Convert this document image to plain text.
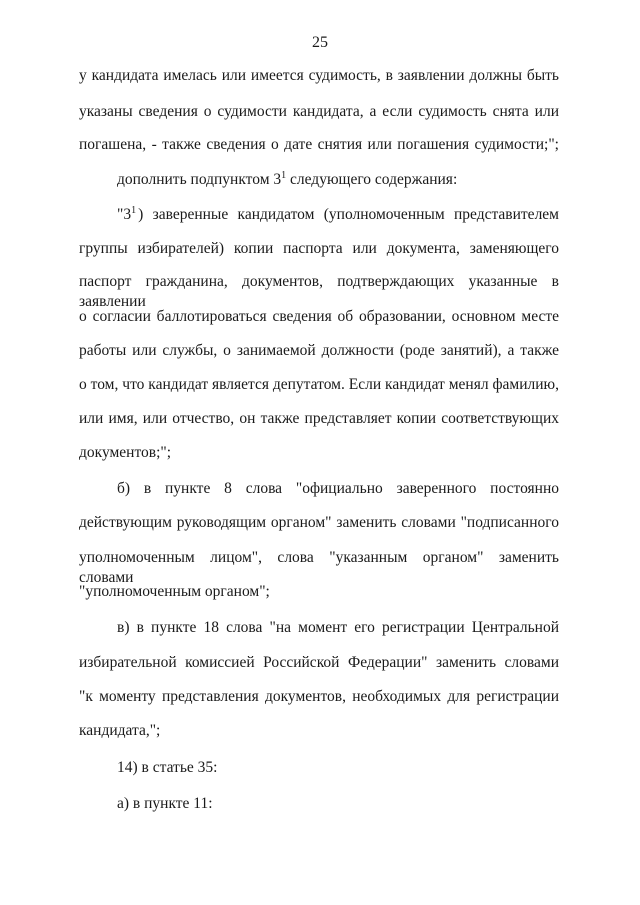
25
у кандидата имелась или имеется судимость, в заявлении должны быть
указаны сведения о судимости кандидата, а если судимость снята или
погашена, - также сведения о дате снятия или погашения судимости;";
дополнить подпунктом $3^1$ следующего содержания:
"$3^1$ ) заверенные кандидатом (уполномоченным представителем
группы избирателей) копии паспорта или документа, заменяющего
паспорт гражданина, документов, подтверждающих указанные в заявлении
о согласии баллотироваться сведения об образовании, основном месте
работы или службы, о занимаемой должности (роде занятий), а также
о том, что кандидат является депутатом. Если кандидат менял фамилию,
или имя, или отчество, он также представляет копии соответствующих
документов;";
б) в пункте 8 слова "официально заверенного постоянно
действующим руководящим органом" заменить словами "подписанного
уполномоченным лицом", слова "указанным органом" заменить словами
"уполномоченным органом";
в) в пункте 18 слова "на момент его регистрации Центральной
избирательной комиссией Российской Федерации" заменить словами
"к моменту представления документов, необходимых для регистрации
кандидата,";
14) в статье 35:
а) в пункте 11:
